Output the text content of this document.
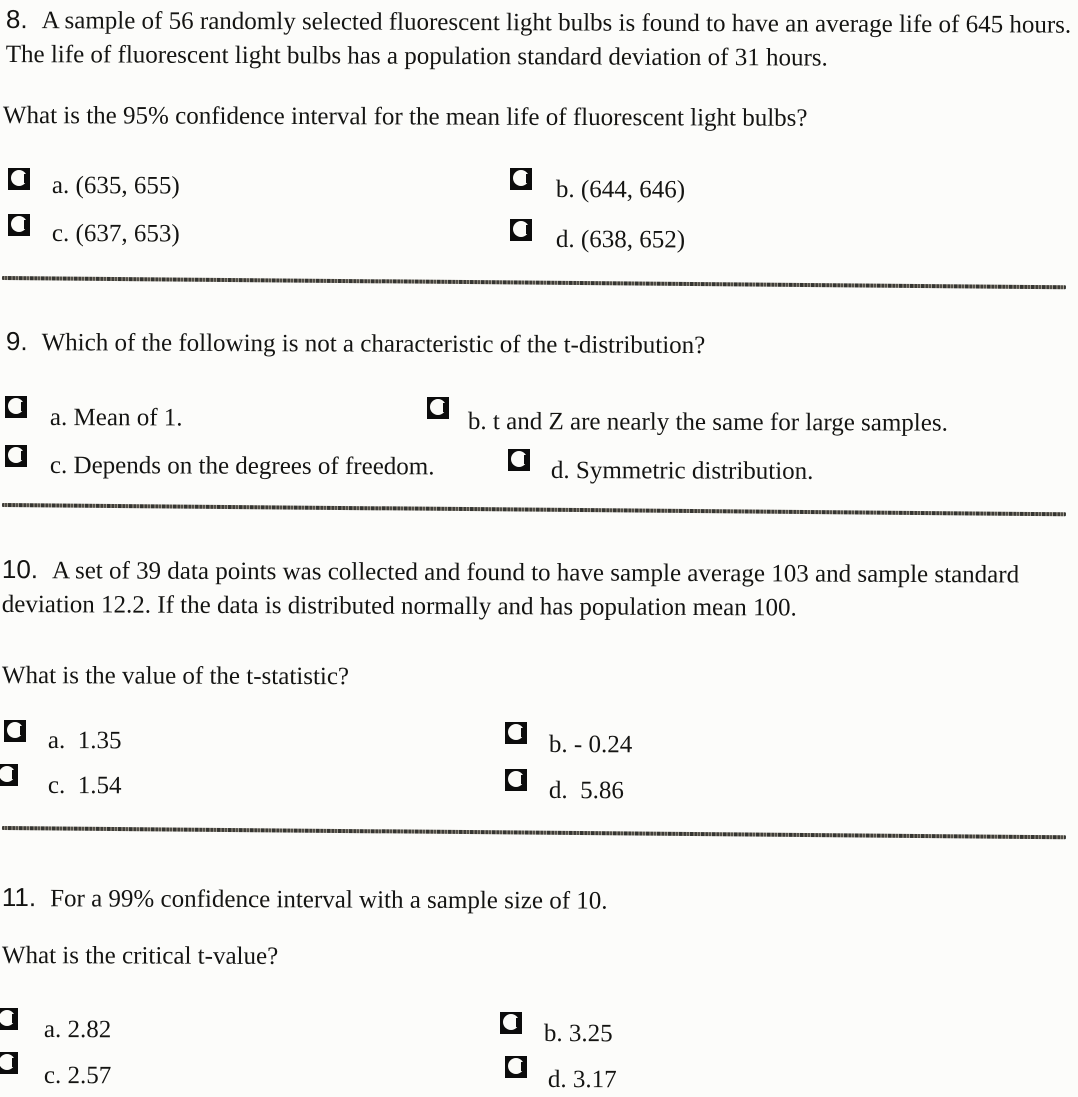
8. A sample of 56 randomly selected fluorescent light bulbs is found to have an average life of 645 hours. The life of fluorescent light bulbs has a population standard deviation of 31 hours.

What is the 95% confidence interval for the mean life of fluorescent light bulbs?

a. (635, 655)	b. (644, 646)

c. (637, 653)	d. (638, 652)

9. Which of the following is not a characteristic of the t-distribution?

a. Mean of 1.	b. t and Z are nearly the same for large samples.

c. Depends on the degrees of freedom.	d. Symmetric distribution.

10. A set of 39 data points was collected and found to have sample average 103 and sample standard deviation 12.2. If the data is distributed normally and has population mean 100.

What is the value of the t-statistic?

a.  1.35	b. - 0.24

c.  1.54	d.  5.86

11. For a 99% confidence interval with a sample size of 10.

What is the critical t-value?

a. 2.82	b. 3.25

c. 2.57	d. 3.17
